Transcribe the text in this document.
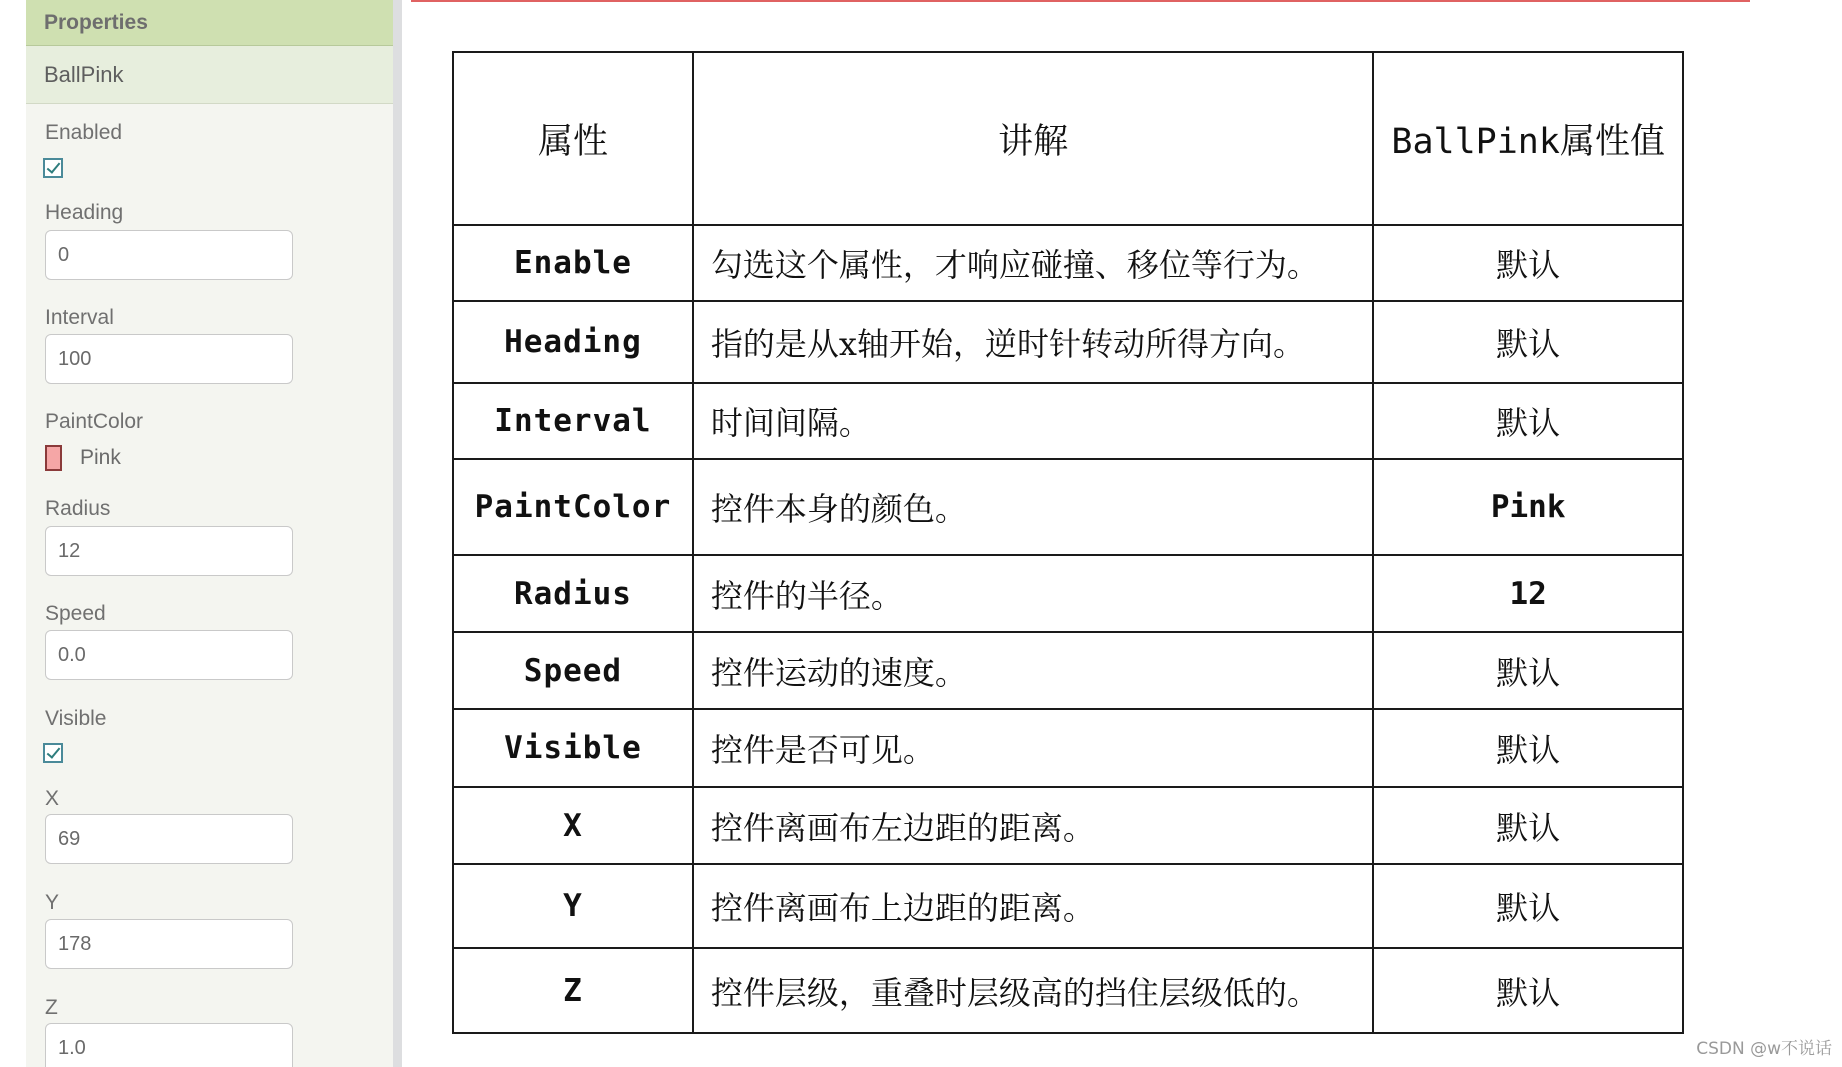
Properties
BallPink
Enabled
Heading
0
Interval
100
PaintColor
Pink
Radius
12
Speed
0.0
Visible
X
69
Y
178
Z
1.0
属性	讲解	BallPink属性值
Enable	勾选这个属性，才响应碰撞、移位等行为。	默认
Heading	指的是从x轴开始，逆时针转动所得方向。	默认
Interval	时间间隔。	默认
PaintColor	控件本身的颜色。	Pink
Radius	控件的半径。	12
Speed	控件运动的速度。	默认
Visible	控件是否可见。	默认
X	控件离画布左边距的距离。	默认
Y	控件离画布上边距的距离。	默认
Z	控件层级，重叠时层级高的挡住层级低的。	默认
CSDN @w不说话
